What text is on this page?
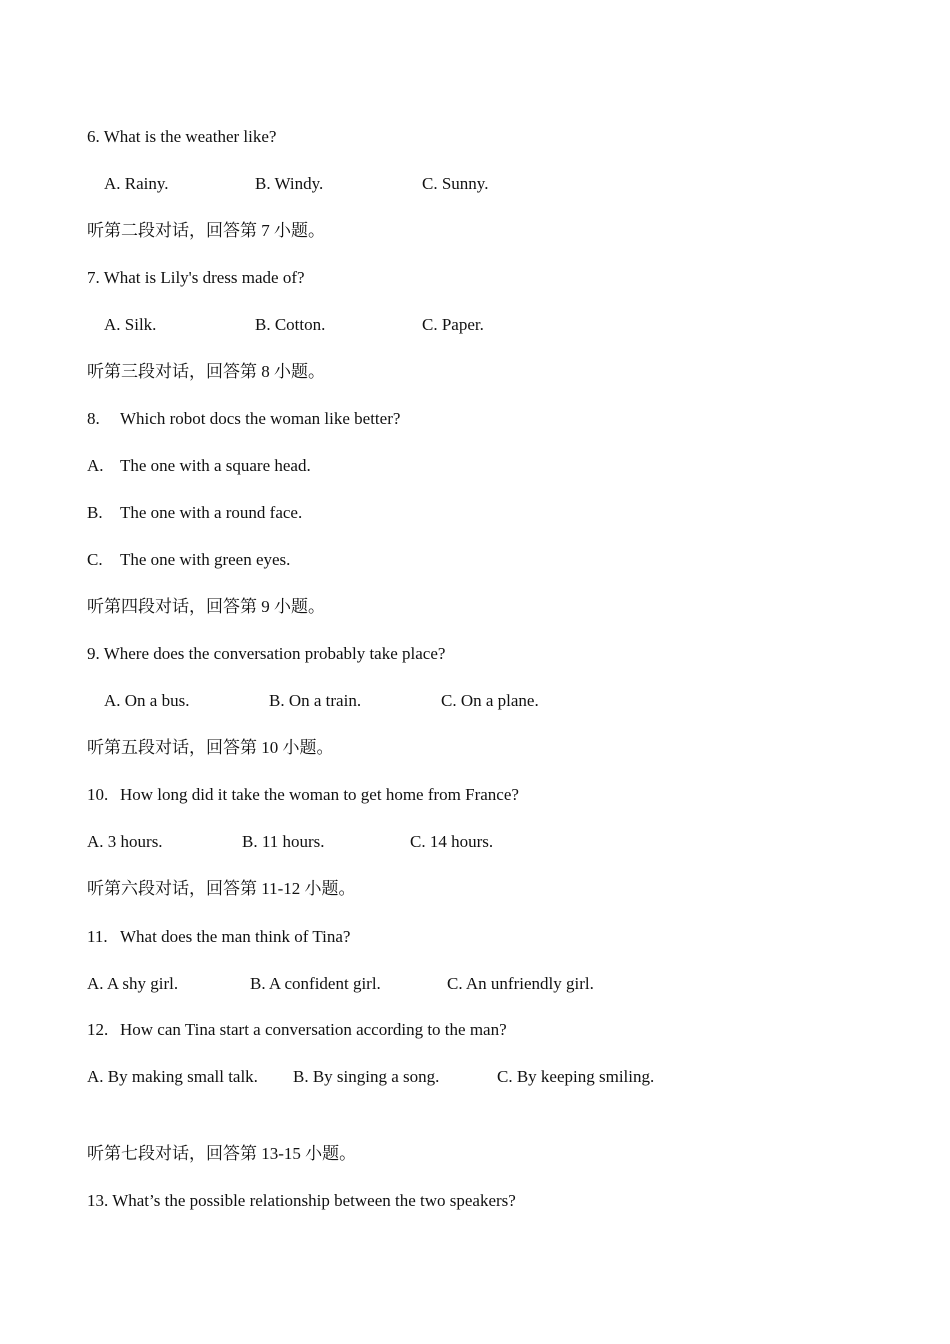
6. What is the weather like?
A. Rainy.	B. Windy.	C. Sunny.
听第二段对话，回答第 7 小题。
7. What is Lily's dress made of?
A. Silk.	B. Cotton.	C. Paper.
听第三段对话，回答第 8 小题。
8. Which robot docs the woman like better?
A. The one with a square head.
B. The one with a round face.
C. The one with green eyes.
听第四段对话，回答第 9 小题。
9. Where does the conversation probably take place?
A. On a bus.	B. On a train.	C. On a plane.
听第五段对话，回答第 10 小题。
10. How long did it take the woman to get home from France?
A. 3 hours.	B. 11 hours.	C. 14 hours.
听第六段对话，回答第 11-12 小题。
11. What does the man think of Tina?
A. A shy girl.	B. A confident girl.	C. An unfriendly girl.
12. How can Tina start a conversation according to the man?
A. By making small talk. B. By singing a song.	C. By keeping smiling.
听第七段对话，回答第 13-15 小题。
13. What’s the possible relationship between the two speakers?
